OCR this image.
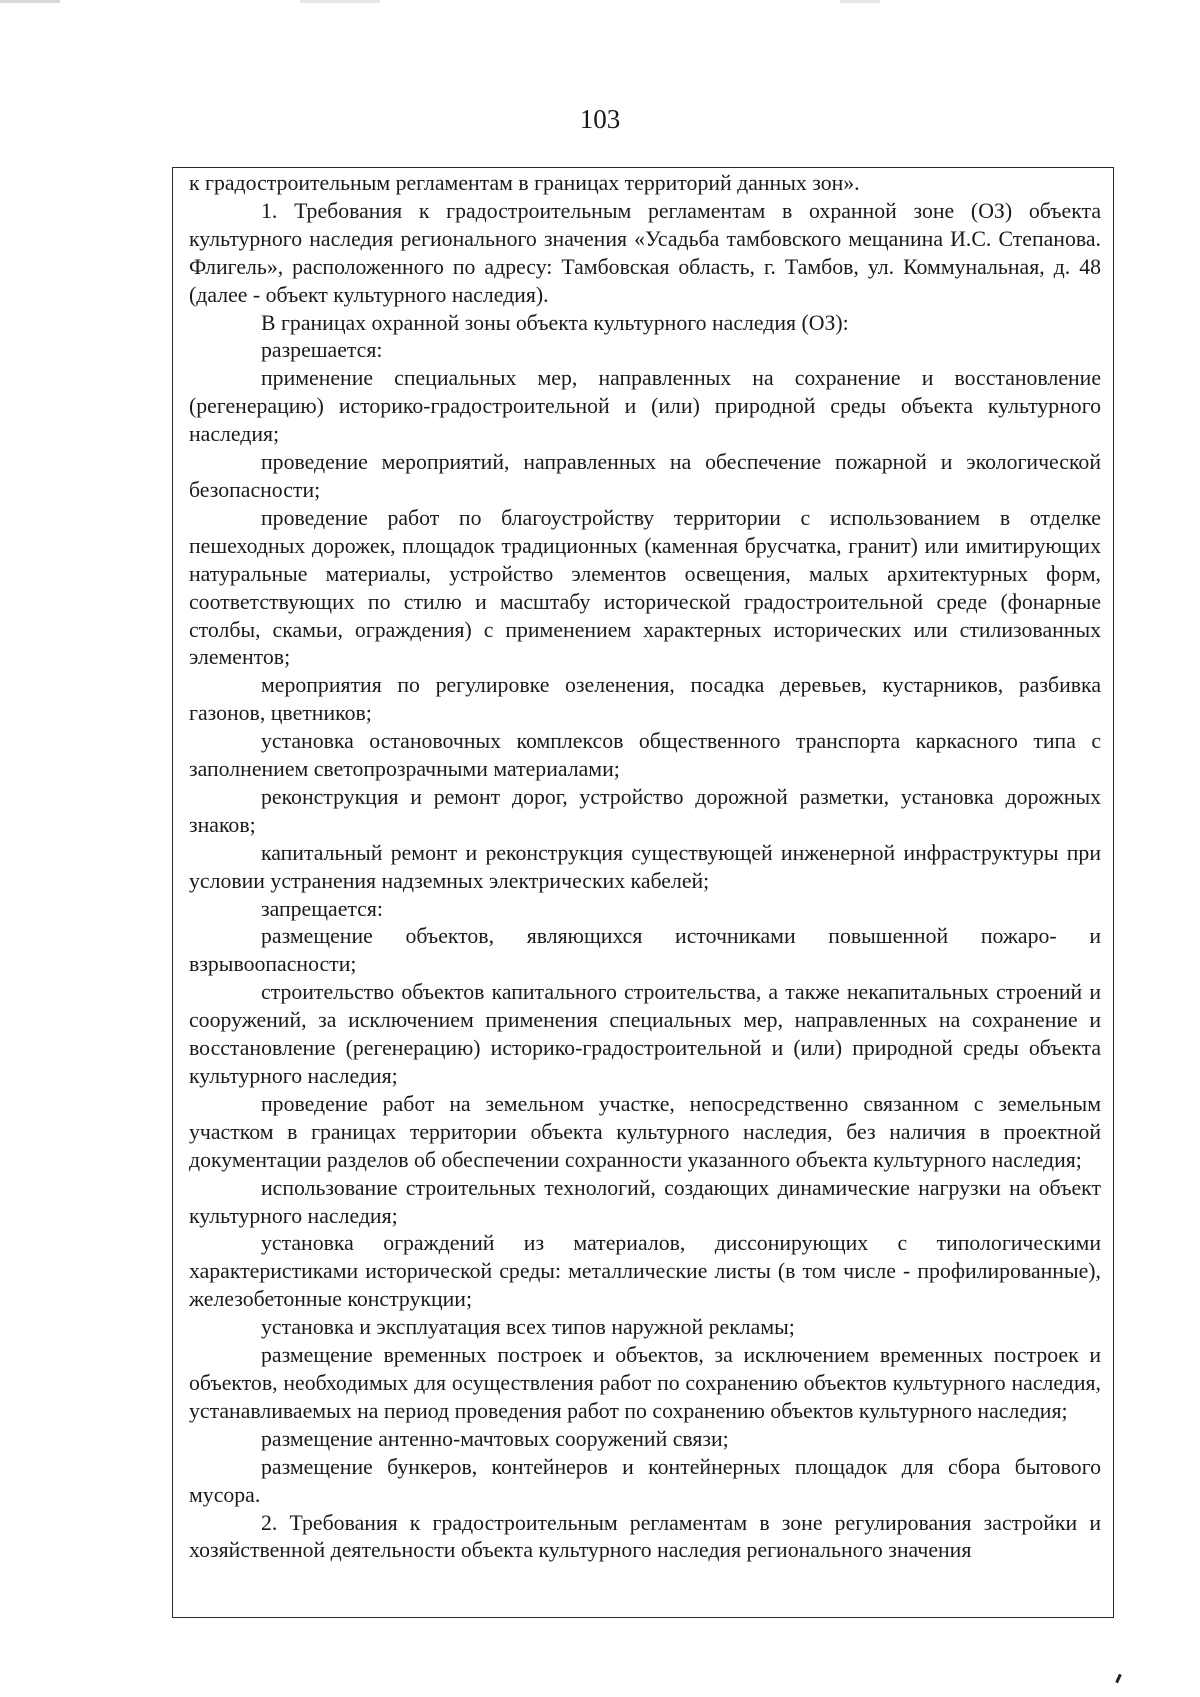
103

к градостроительным регламентам в границах территорий данных зон».

1. Требования к градостроительным регламентам в охранной зоне (ОЗ) объекта культурного наследия регионального значения «Усадьба тамбовского мещанина И.С. Степанова. Флигель», расположенного по адресу: Тамбовская область, г. Тамбов, ул. Коммунальная, д. 48 (далее - объект культурного наследия).

В границах охранной зоны объекта культурного наследия (ОЗ):

разрешается:

применение специальных мер, направленных на сохранение и восстановление (регенерацию) историко-градостроительной и (или) природной среды объекта культурного наследия;

проведение мероприятий, направленных на обеспечение пожарной и экологической безопасности;

проведение работ по благоустройству территории с использованием в отделке пешеходных дорожек, площадок традиционных (каменная брусчатка, гранит) или имитирующих натуральные материалы, устройство элементов освещения, малых архитектурных форм, соответствующих по стилю и масштабу исторической градостроительной среде (фонарные столбы, скамьи, ограждения) с применением характерных исторических или стилизованных элементов;

мероприятия по регулировке озеленения, посадка деревьев, кустарников, разбивка газонов, цветников;

установка остановочных комплексов общественного транспорта каркасного типа с заполнением светопрозрачными материалами;

реконструкция и ремонт дорог, устройство дорожной разметки, установка дорожных знаков;

капитальный ремонт и реконструкция существующей инженерной инфраструктуры при условии устранения надземных электрических кабелей;

запрещается:

размещение объектов, являющихся источниками повышенной пожаро- и взрывоопасности;

строительство объектов капитального строительства, а также некапитальных строений и сооружений, за исключением применения специальных мер, направленных на сохранение и восстановление (регенерацию) историко-градостроительной и (или) природной среды объекта культурного наследия;

проведение работ на земельном участке, непосредственно связанном с земельным участком в границах территории объекта культурного наследия, без наличия в проектной документации разделов об обеспечении сохранности указанного объекта культурного наследия;

использование строительных технологий, создающих динамические нагрузки на объект культурного наследия;

установка ограждений из материалов, диссонирующих с типологическими характеристиками исторической среды: металлические листы (в том числе - профилированные), железобетонные конструкции;

установка и эксплуатация всех типов наружной рекламы;

размещение временных построек и объектов, за исключением временных построек и объектов, необходимых для осуществления работ по сохранению объектов культурного наследия, устанавливаемых на период проведения работ по сохранению объектов культурного наследия;

размещение антенно-мачтовых сооружений связи;

размещение бункеров, контейнеров и контейнерных площадок для сбора бытового мусора.

2. Требования к градостроительным регламентам в зоне регулирования застройки и хозяйственной деятельности объекта культурного наследия регионального значения
